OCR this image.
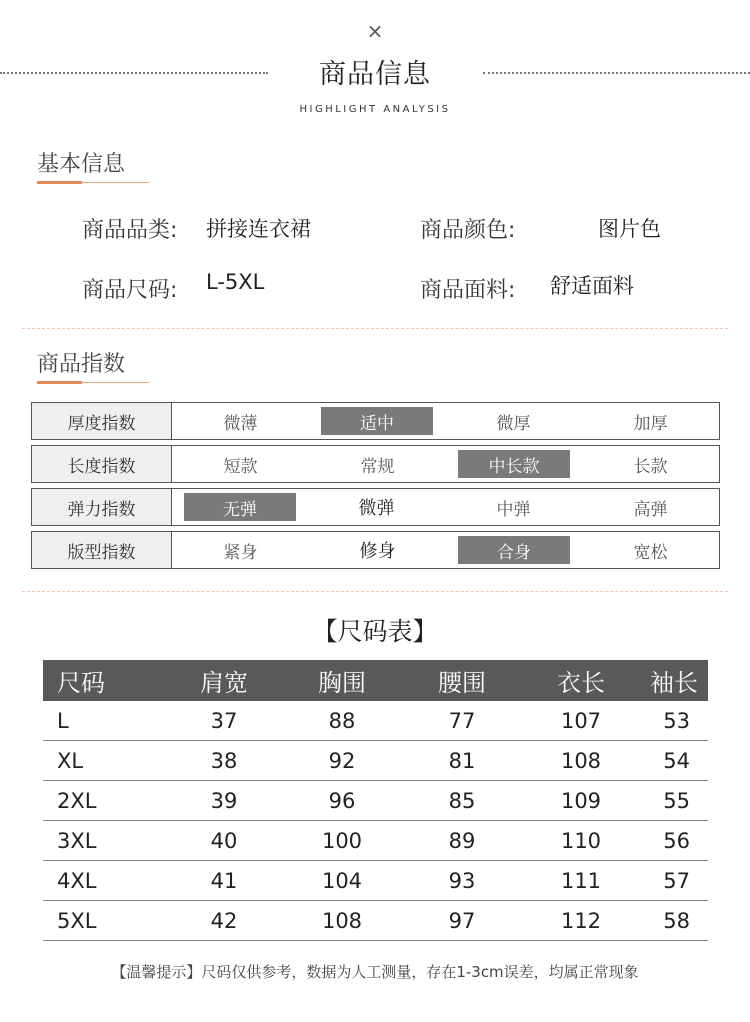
×
商品信息
HIGHLIGHT ANALYSIS
基本信息
商品品类: 拼接连衣裙	商品颜色:	图片色
商品尺码: L-5XL	商品面料: 舒适面料
商品指数
厚度指数	微薄	适中	微厚	加厚
长度指数	短款	常规	中长款	长款
弹力指数	无弹	微弹	中弹	高弹
版型指数	紧身	修身	合身	宽松
【尺码表】
尺码	肩宽	胸围	腰围	衣长	袖长
L	37	88	77	107	53
XL	38	92	81	108	54
2XL	39	96	85	109	55
3XL	40	100	89	110	56
4XL	41	104	93	111	57
5XL	42	108	97	112	58
【温馨提示】尺码仅供参考，数据为人工测量，存在1-3cm误差，均属正常现象
